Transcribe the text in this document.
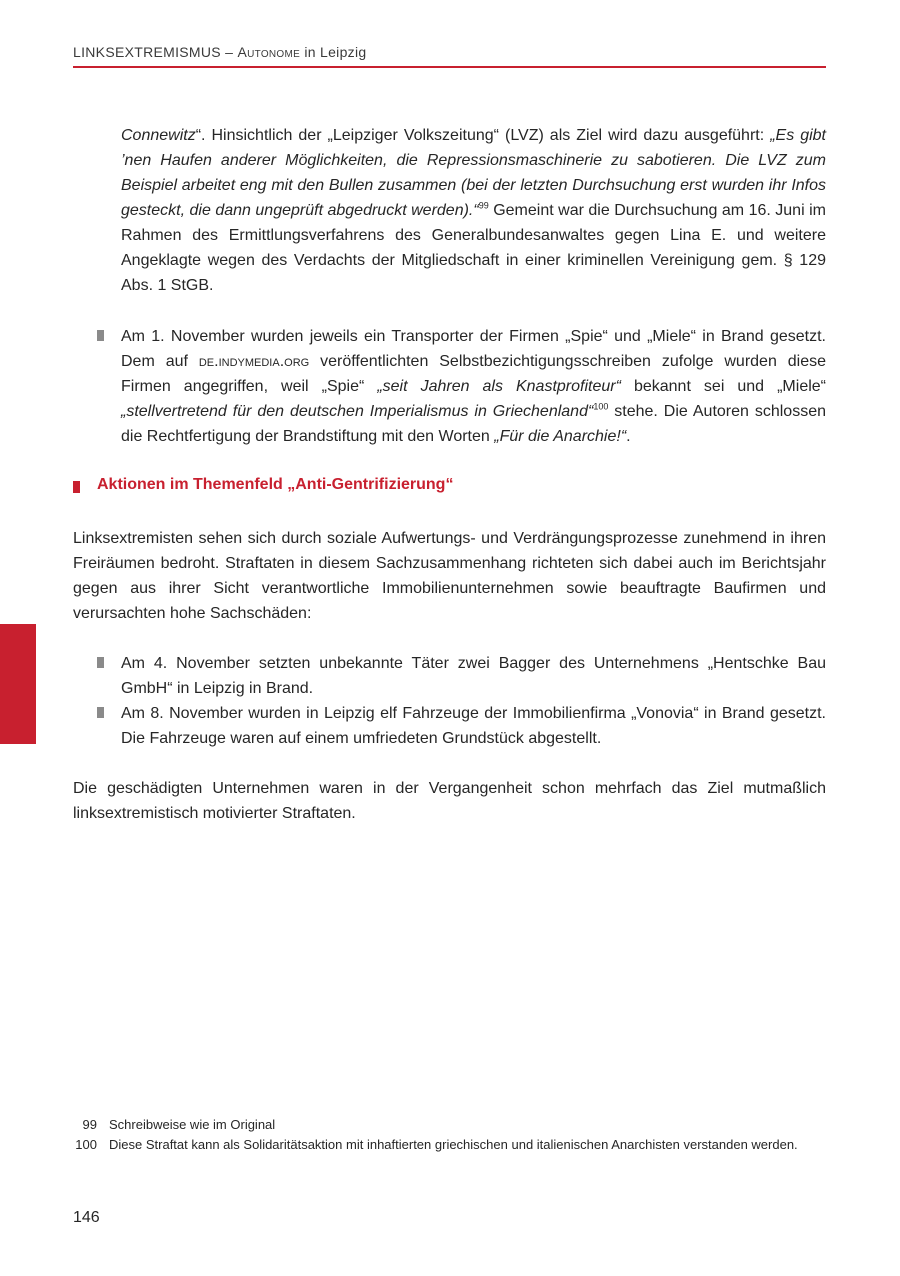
LINKSEXTREMISMUS – Autonome in Leipzig

Connewitz“. Hinsichtlich der „Leipziger Volkszeitung“ (LVZ) als Ziel wird dazu ausgeführt: „Es gibt ’nen Haufen anderer Möglichkeiten, die Repressionsmaschinerie zu sabotieren. Die LVZ zum Beispiel arbeitet eng mit den Bullen zusammen (bei der letzten Durchsuchung erst wurden ihr Infos gesteckt, die dann ungeprüft abgedruckt werden).“$^{99}$ Gemeint war die Durchsuchung am 16. Juni im Rahmen des Ermittlungsverfahrens des Generalbundesanwaltes gegen Lina E. und weitere Angeklagte wegen des Verdachts der Mitgliedschaft in einer kriminellen Vereinigung gem. § 129 Abs. 1 StGB.

Am 1. November wurden jeweils ein Transporter der Firmen „Spie“ und „Miele“ in Brand gesetzt. Dem auf de.indymedia.org veröffentlichten Selbstbezichtigungsschreiben zufolge wurden diese Firmen angegriffen, weil „Spie“ „seit Jahren als Knastprofiteur“ bekannt sei und „Miele“ „stellvertretend für den deutschen Imperialismus in Griechenland“$^{100}$ stehe. Die Autoren schlossen die Rechtfertigung der Brandstiftung mit den Worten „Für die Anarchie!“.

Aktionen im Themenfeld „Anti-Gentrifizierung“

Linksextremisten sehen sich durch soziale Aufwertungs- und Verdrängungsprozesse zunehmend in ihren Freiräumen bedroht. Straftaten in diesem Sachzusammenhang richteten sich dabei auch im Berichtsjahr gegen aus ihrer Sicht verantwortliche Immobilienunternehmen sowie beauftragte Baufirmen und verursachten hohe Sachschäden:

Am 4. November setzten unbekannte Täter zwei Bagger des Unternehmens „Hentschke Bau GmbH“ in Leipzig in Brand.

Am 8. November wurden in Leipzig elf Fahrzeuge der Immobilienfirma „Vonovia“ in Brand gesetzt. Die Fahrzeuge waren auf einem umfriedeten Grundstück abgestellt.

Die geschädigten Unternehmen waren in der Vergangenheit schon mehrfach das Ziel mutmaßlich linksextremistisch motivierter Straftaten.

99 Schreibweise wie im Original
100 Diese Straftat kann als Solidaritätsaktion mit inhaftierten griechischen und italienischen Anarchisten verstanden werden.
146
